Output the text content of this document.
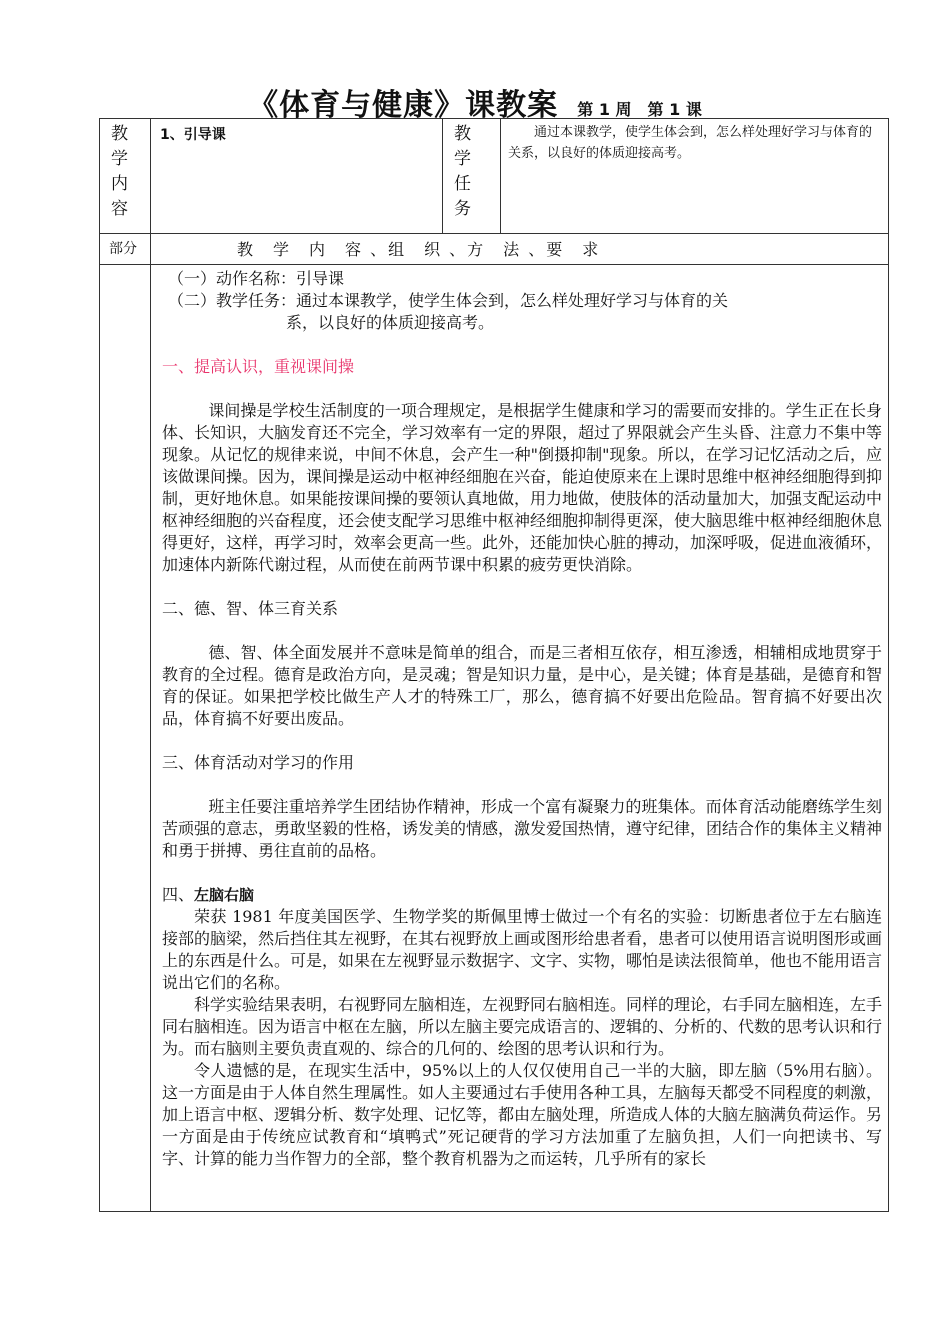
《体育与健康》课教案 第 1 周　第 1 课
教学内容
1、引导课	教学任务
通过本课教学，使学生体会到，怎么样处理好学习与体育的关系，以良好的体质迎接高考。
部分	教　学　内　容 、组　织 、方　法 、要　求

（一）动作名称：引导课

（二）教学任务：通过本课教学，使学生体会到，怎么样处理好学习与体育的关

系，以良好的体质迎接高考。

一、提高认识，重视课间操

课间操是学校生活制度的一项合理规定，是根据学生健康和学习的需要而安排的。学生正在长身体、长知识，大脑发育还不完全，学习效率有一定的界限，超过了界限就会产生头昏、注意力不集中等现象。从记忆的规律来说，中间不休息，会产生一种"倒摄抑制"现象。所以，在学习记忆活动之后，应该做课间操。因为，课间操是运动中枢神经细胞在兴奋，能迫使原来在上课时思维中枢神经细胞得到抑制，更好地休息。如果能按课间操的要领认真地做，用力地做，使肢体的活动量加大，加强支配运动中枢神经细胞的兴奋程度，还会使支配学习思维中枢神经细胞抑制得更深，使大脑思维中枢神经细胞休息得更好，这样，再学习时，效率会更高一些。此外，还能加快心脏的搏动，加深呼吸，促进血液循环，加速体内新陈代谢过程，从而使在前两节课中积累的疲劳更快消除。

二、德、智、体三育关系

德、智、体全面发展并不意味是简单的组合，而是三者相互依存，相互渗透，相辅相成地贯穿于教育的全过程。德育是政治方向，是灵魂；智是知识力量，是中心，是关键；体育是基础，是德育和智育的保证。如果把学校比做生产人才的特殊工厂，那么，德育搞不好要出危险品。智育搞不好要出次品，体育搞不好要出废品。

三、体育活动对学习的作用

班主任要注重培养学生团结协作精神，形成一个富有凝聚力的班集体。而体育活动能磨练学生刻苦顽强的意志，勇敢坚毅的性格，诱发美的情感，激发爱国热情，遵守纪律，团结合作的集体主义精神和勇于拼搏、勇往直前的品格。

四、左脑右脑

荣获 1981 年度美国医学、生物学奖的斯佩里博士做过一个有名的实验：切断患者位于左右脑连接部的脑梁，然后挡住其左视野，在其右视野放上画或图形给患者看，患者可以使用语言说明图形或画上的东西是什么。可是，如果在左视野显示数据字、文字、实物，哪怕是读法很简单，他也不能用语言说出它们的名称。

科学实验结果表明，右视野同左脑相连，左视野同右脑相连。同样的理论，右手同左脑相连，左手同右脑相连。因为语言中枢在左脑，所以左脑主要完成语言的、逻辑的、分析的、代数的思考认识和行为。而右脑则主要负责直观的、综合的几何的、绘图的思考认识和行为。

令人遗憾的是，在现实生活中，95%以上的人仅仅使用自己一半的大脑，即左脑（5%用右脑）。这一方面是由于人体自然生理属性。如人主要通过右手使用各种工具，左脑每天都受不同程度的刺激，加上语言中枢、逻辑分析、数字处理、记忆等，都由左脑处理，所造成人体的大脑左脑满负荷运作。另一方面是由于传统应试教育和“填鸭式”死记硬背的学习方法加重了左脑负担，人们一向把读书、写字、计算的能力当作智力的全部，整个教育机器为之而运转，几乎所有的家长
